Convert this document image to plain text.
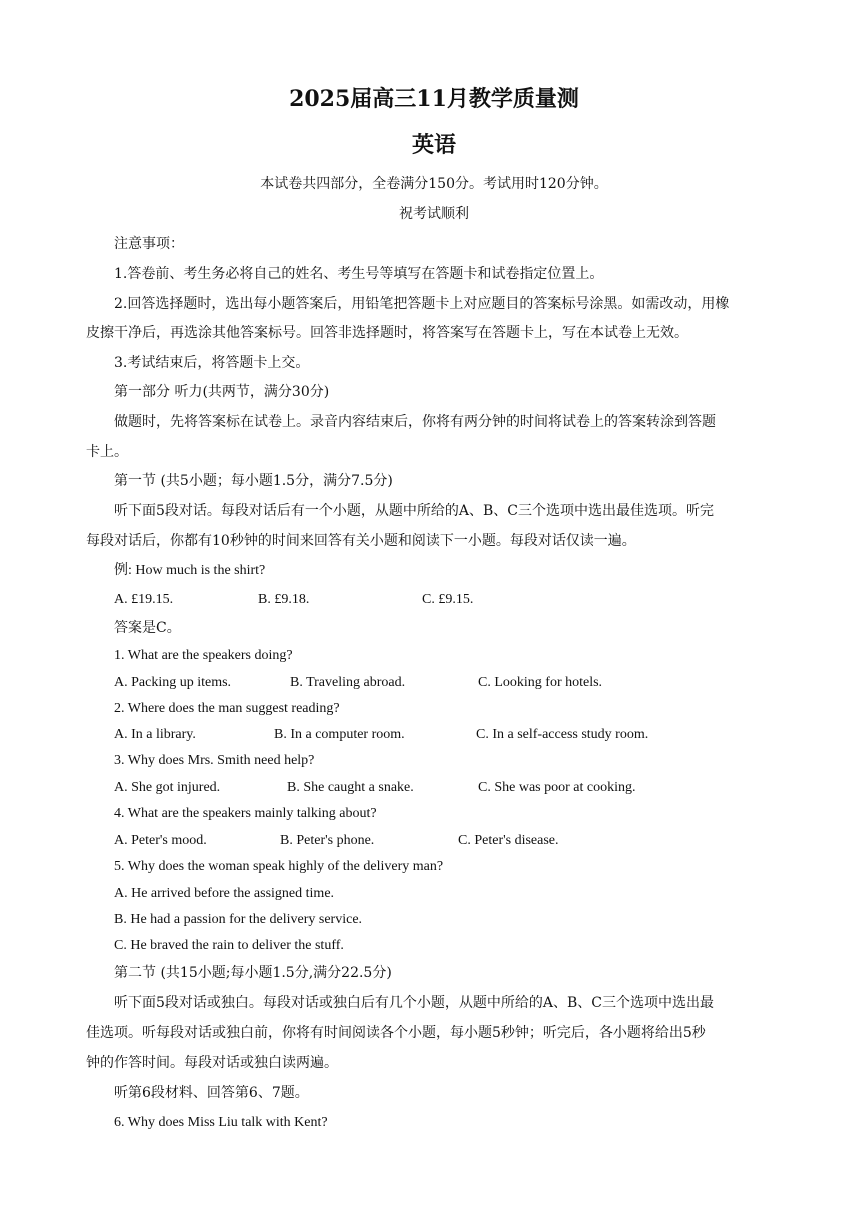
2025届高三11月教学质量测
英语
本试卷共四部分，全卷满分150分。考试用时120分钟。
祝考试顺利
注意事项：
1.答卷前、考生务必将自己的姓名、考生号等填写在答题卡和试卷指定位置上。
2.回答选择题时，选出每小题答案后，用铅笔把答题卡上对应题目的答案标号涂黑。如需改动，用橡
皮擦干净后，再选涂其他答案标号。回答非选择题时，将答案写在答题卡上，写在本试卷上无效。
3.考试结束后，将答题卡上交。
第一部分 听力(共两节，满分30分)
做题时，先将答案标在试卷上。录音内容结束后，你将有两分钟的时间将试卷上的答案转涂到答题
卡上。
第一节 (共5小题；每小题1.5分，满分7.5分)
听下面5段对话。每段对话后有一个小题，从题中所给的A、B、C三个选项中选出最佳选项。听完
每段对话后，你都有10秒钟的时间来回答有关小题和阅读下一小题。每段对话仅读一遍。
例: How much is the shirt?
A. £19.15.	B. £9.18.	C. £9.15.
答案是C。
1. What are the speakers doing?
A. Packing up items.	B. Traveling abroad.	C. Looking for hotels.
2. Where does the man suggest reading?
A. In a library.	B. In a computer room.	C. In a self-access study room.
3. Why does Mrs. Smith need help?
A. She got injured.	B. She caught a snake.	C. She was poor at cooking.
4. What are the speakers mainly talking about?
A. Peter's mood.	B. Peter's phone.	C. Peter's disease.
5. Why does the woman speak highly of the delivery man?
A. He arrived before the assigned time.
B. He had a passion for the delivery service.
C. He braved the rain to deliver the stuff.
第二节 (共15小题;每小题1.5分,满分22.5分)
听下面5段对话或独白。每段对话或独白后有几个小题，从题中所给的A、B、C三个选项中选出最
佳选项。听每段对话或独白前，你将有时间阅读各个小题，每小题5秒钟；听完后，各小题将给出5秒
钟的作答时间。每段对话或独白读两遍。
听第6段材料、回答第6、7题。
6. Why does Miss Liu talk with Kent?
